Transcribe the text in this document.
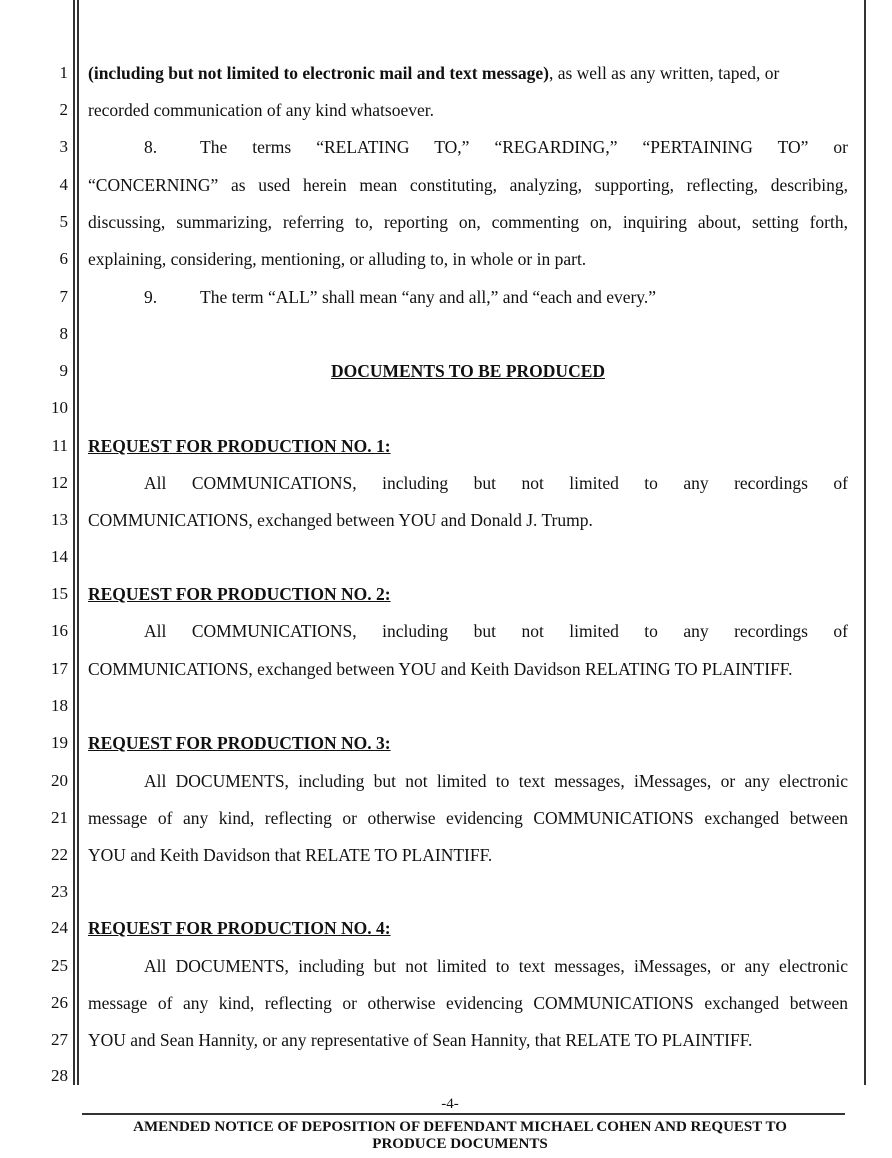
1
2
3
4
5
6
7
8
9
10
11
12
13
14
15
16
17
18
19
20
21
22
23
24
25
26
27
28
(including but not limited to electronic mail and text message), as well as any written, taped, or
recorded communication of any kind whatsoever.
8. The terms “RELATING TO,” “REGARDING,” “PERTAINING TO” or
“CONCERNING” as used herein mean constituting, analyzing, supporting, reflecting, describing,
discussing, summarizing, referring to, reporting on, commenting on, inquiring about, setting forth,
explaining, considering, mentioning, or alluding to, in whole or in part.
9. The term “ALL” shall mean “any and all,” and “each and every.”
DOCUMENTS TO BE PRODUCED
REQUEST FOR PRODUCTION NO. 1:
All COMMUNICATIONS, including but not limited to any recordings of
COMMUNICATIONS, exchanged between YOU and Donald J. Trump.
REQUEST FOR PRODUCTION NO. 2:
All COMMUNICATIONS, including but not limited to any recordings of
COMMUNICATIONS, exchanged between YOU and Keith Davidson RELATING TO PLAINTIFF.
REQUEST FOR PRODUCTION NO. 3:
All DOCUMENTS, including but not limited to text messages, iMessages, or any electronic
message of any kind, reflecting or otherwise evidencing COMMUNICATIONS exchanged between
YOU and Keith Davidson that RELATE TO PLAINTIFF.
REQUEST FOR PRODUCTION NO. 4:
All DOCUMENTS, including but not limited to text messages, iMessages, or any electronic
message of any kind, reflecting or otherwise evidencing COMMUNICATIONS exchanged between
YOU and Sean Hannity, or any representative of Sean Hannity, that RELATE TO PLAINTIFF.
-4-
AMENDED NOTICE OF DEPOSITION OF DEFENDANT MICHAEL COHEN AND REQUEST TO
PRODUCE DOCUMENTS
